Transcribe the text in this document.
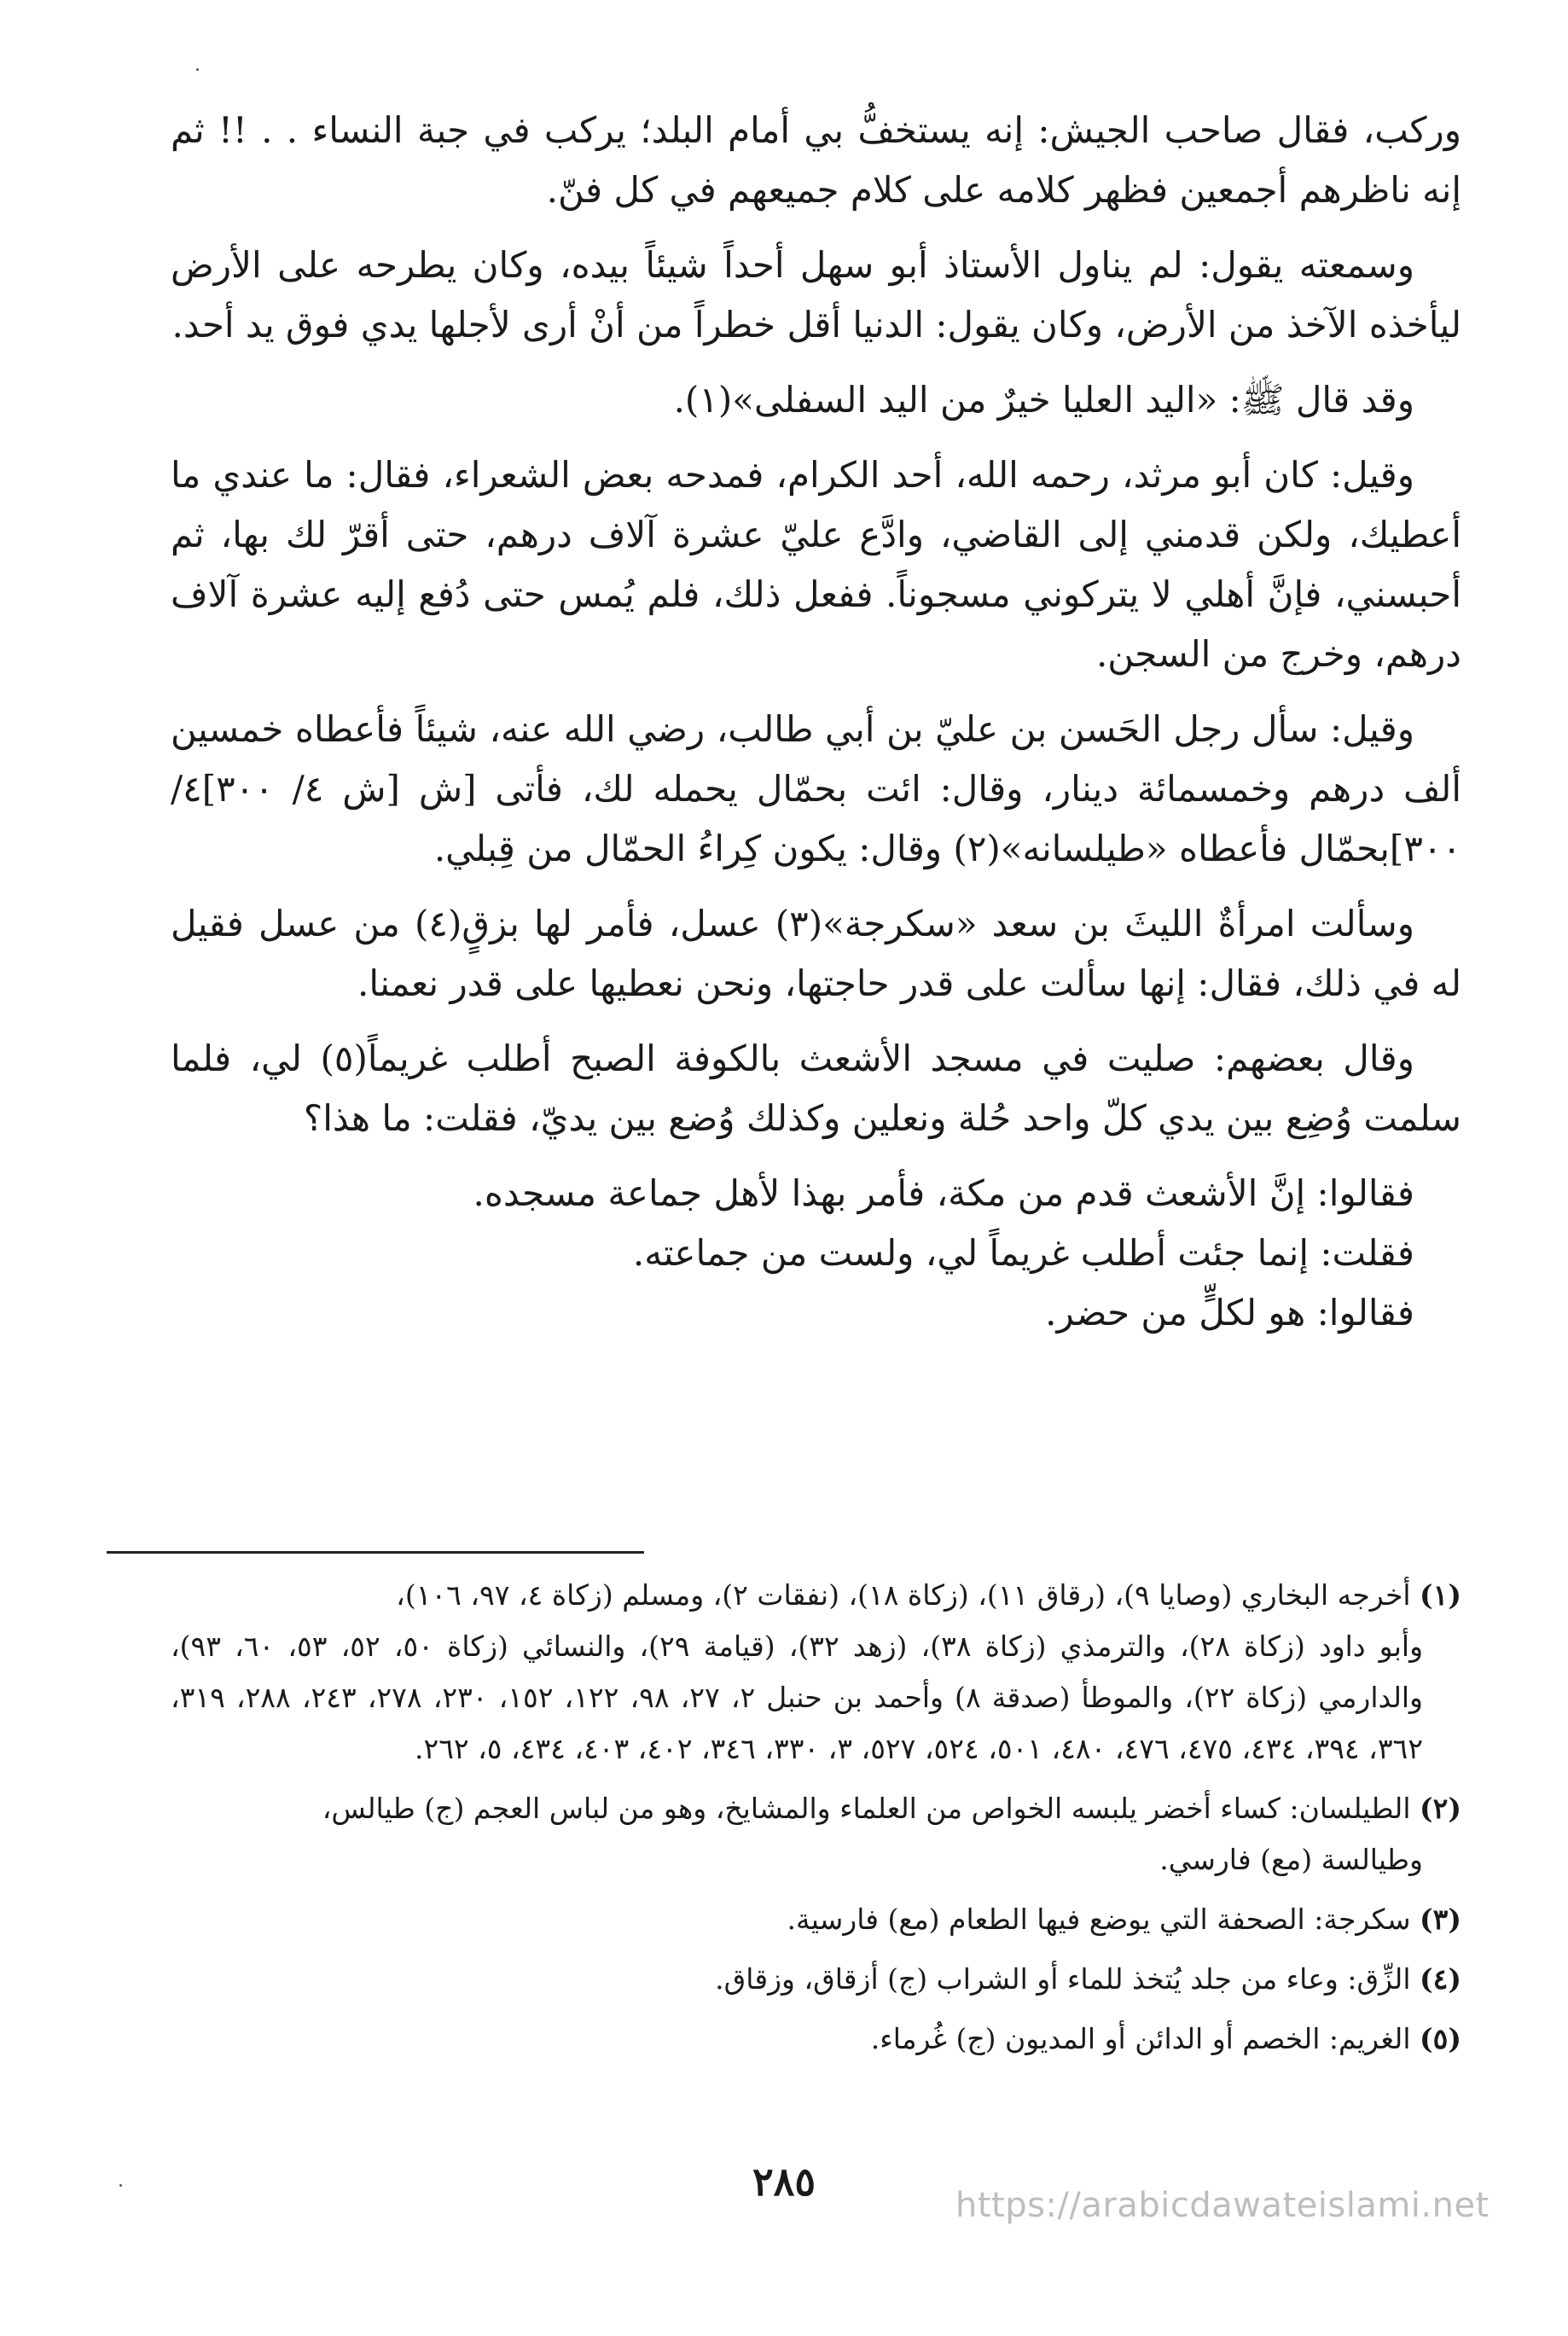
وركب، فقال صاحب الجيش: إنه يستخفُّ بي أمام البلد؛ يركب في جبة النساء . . !! ثم إنه ناظرهم أجمعين فظهر كلامه على كلام جميعهم في كل فنّ.

وسمعته يقول: لم يناول الأستاذ أبو سهل أحداً شيئاً بيده، وكان يطرحه على الأرض ليأخذه الآخذ من الأرض، وكان يقول: الدنيا أقل خطراً من أنْ أرى لأجلها يدي فوق يد أحد.

وقد قال ﷺ: «اليد العليا خيرٌ من اليد السفلى»(١).

وقيل: كان أبو مرثد، رحمه الله، أحد الكرام، فمدحه بعض الشعراء، فقال: ما عندي ما أعطيك، ولكن قدمني إلى القاضي، وادَّع عليّ عشرة آلاف درهم، حتى أقرّ لك بها، ثم أحبسني، فإنَّ أهلي لا يتركوني مسجوناً. ففعل ذلك، فلم يُمس حتى دُفع إليه عشرة آلاف درهم، وخرج من السجن.

وقيل: سأل رجل الحَسن بن عليّ بن أبي طالب، رضي الله عنه، شيئاً فأعطاه خمسين ألف درهم وخمسمائة دينار، وقال: ائت بحمّال يحمله لك، فأتى [ش [ش ٤/ ٣٠٠]٤/ ٣٠٠]بحمّال فأعطاه «طيلسانه»(٢) وقال: يكون كِراءُ الحمّال من قِبلي.

وسألت امرأةٌ الليثَ بن سعد «سكرجة»(٣) عسل، فأمر لها بزقٍ(٤) من عسل فقيل له في ذلك، فقال: إنها سألت على قدر حاجتها، ونحن نعطيها على قدر نعمنا.

وقال بعضهم: صليت في مسجد الأشعث بالكوفة الصبح أطلب غريماً(٥) لي، فلما سلمت وُضِع بين يدي كلّ واحد حُلة ونعلين وكذلك وُضع بين يديّ، فقلت: ما هذا؟

فقالوا: إنَّ الأشعث قدم من مكة، فأمر بهذا لأهل جماعة مسجده.

فقلت: إنما جئت أطلب غريماً لي، ولست من جماعته.

فقالوا: هو لكلٍّ من حضر.

(١) أخرجه البخاري (وصايا ٩)، (رقاق ١١)، (زكاة ١٨)، (نفقات ٢)، ومسلم (زكاة ٤، ٩٧، ١٠٦)،
وأبو داود (زكاة ٢٨)، والترمذي (زكاة ٣٨)، (زهد ٣٢)، (قيامة ٢٩)، والنسائي (زكاة ٥٠، ٥٢، ٥٣، ٦٠، ٩٣)، والدارمي (زكاة ٢٢)، والموطأ (صدقة ٨) وأحمد بن حنبل ٢، ٢٧، ٩٨، ١٢٢، ١٥٢، ٢٣٠، ٢٧٨، ٢٤٣، ٢٨٨، ٣١٩، ٣٦٢، ٣٩٤، ٤٣٤، ٤٧٥، ٤٧٦، ٤٨٠، ٥٠١، ٥٢٤، ٥٢٧، ٣، ٣٣٠، ٣٤٦، ٤٠٢، ٤٠٣، ٤٣٤، ٥، ٢٦٢.
(٢) الطيلسان: كساء أخضر يلبسه الخواص من العلماء والمشايخ، وهو من لباس العجم (ج) طيالس،
وطيالسة (مع) فارسي.
(٣) سكرجة: الصحفة التي يوضع فيها الطعام (مع) فارسية.
(٤) الزِّق: وعاء من جلد يُتخذ للماء أو الشراب (ج) أزقاق، وزقاق.
(٥) الغريم: الخصم أو الدائن أو المديون (ج) غُرماء.
٢٨٥
https://arabicdawateislami.net
